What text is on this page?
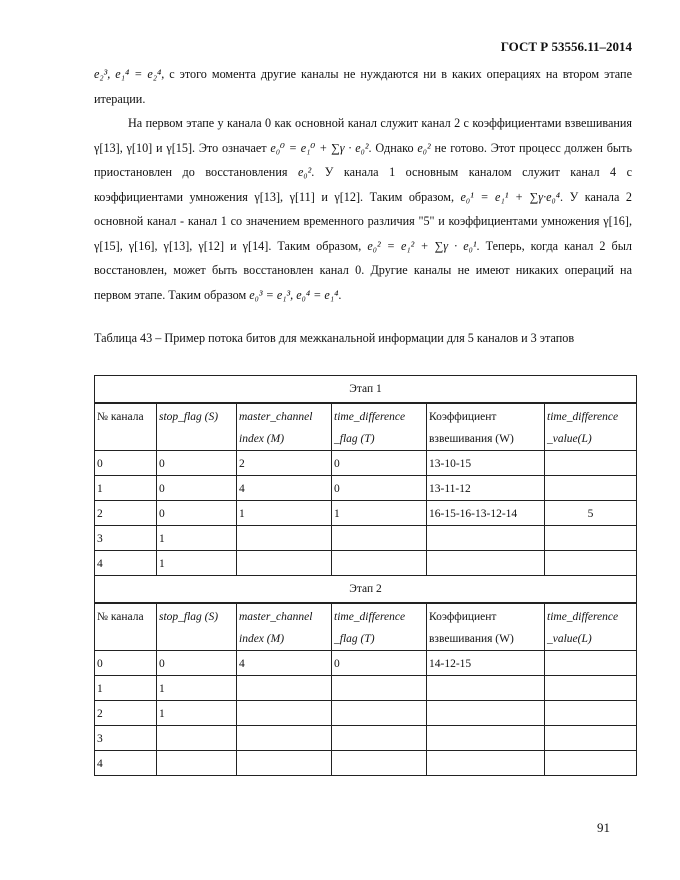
ГОСТ Р 53556.11–2014

e₂³, e₁⁴ = e₂⁴, с этого момента другие каналы не нуждаются ни в каких операциях на втором этапе итерации.

На первом этапе у канала 0 как основной канал служит канал 2 с коэффициентами взвешивания γ[13], γ[10] и γ[15]. Это означает e₀⁰ = e₁⁰ + ∑γ · e₀². Однако e₀² не готово. Этот процесс должен быть приостановлен до восстановления e₀². У канала 1 основным каналом служит канал 4 с коэффициентами умножения γ[13], γ[11] и γ[12]. Таким образом, e₀¹ = e₁¹ + ∑γ·e₀⁴. У канала 2 основной канал - канал 1 со значением временного различия "5" и коэффициентами умножения γ[16], γ[15], γ[16], γ[13], γ[12] и γ[14]. Таким образом, e₀² = e₁² + ∑γ · e₀¹. Теперь, когда канал 2 был восстановлен, может быть восстановлен канал 0. Другие каналы не имеют никаких операций на первом этапе. Таким образом e₀³ = e₁³, e₀⁴ = e₁⁴.

Таблица 43 – Пример потока битов для межканальной информации для 5 каналов и 3 этапов
Этап 1					
№ канала	stop_flag (S)	master_channel index (M)	time_difference _flag (T)	Коэффициент взвешивания (W)	time_difference _value(L)
0	0	2	0	13-10-15	
1	0	4	0	13-11-12	
2	0	1	1	16-15-16-13-12-14	5
3	1				
4	1				
Этап 2					
№ канала	stop_flag (S)	master_channel index (M)	time_difference _flag (T)	Коэффициент взвешивания (W)	time_difference _value(L)
0	0	4	0	14-12-15	
1	1				
2	1				
3					
4					
91
